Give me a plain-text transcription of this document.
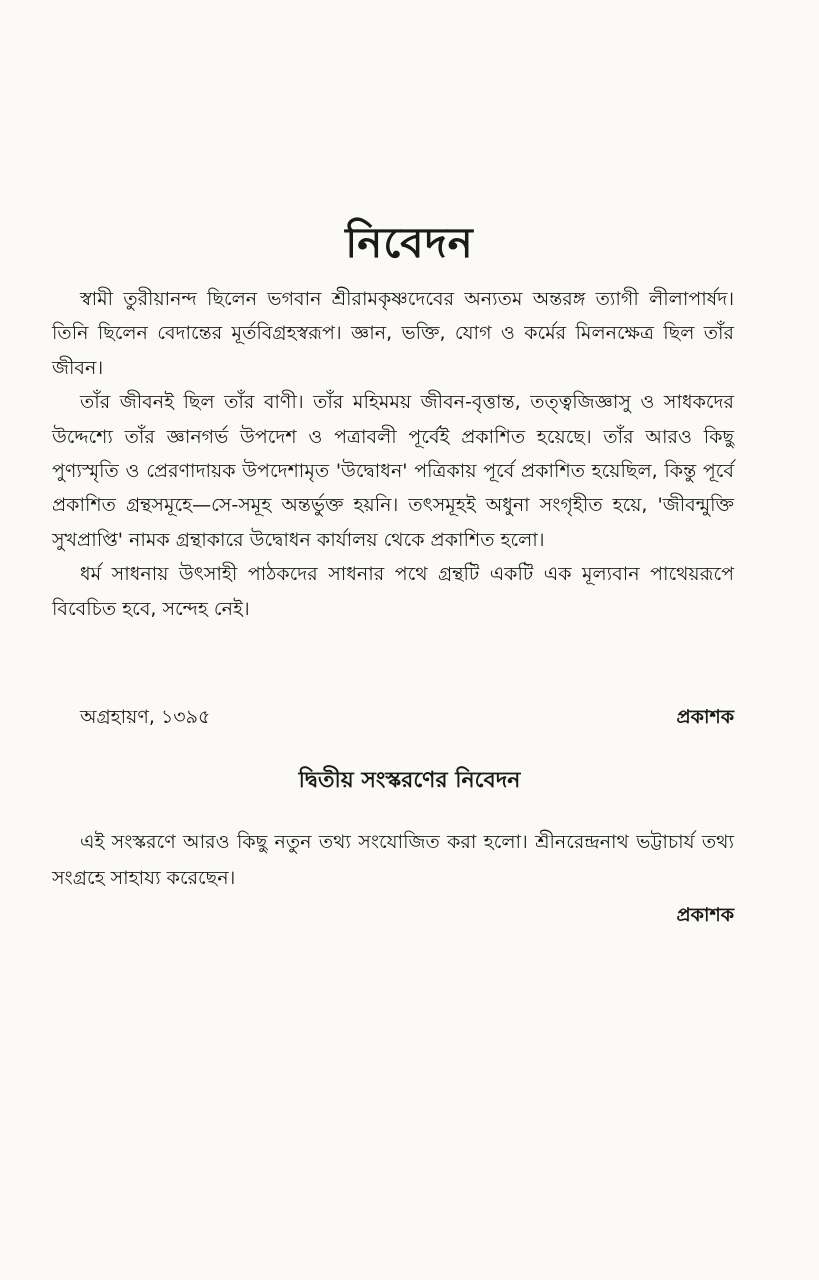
নিবেদন

স্বামী তুরীয়ানন্দ ছিলেন ভগবান শ্রীরামকৃষ্ণদেবের অন্যতম অন্তরঙ্গ ত্যাগী লীলাপার্ষদ। তিনি ছিলেন বেদান্তের মূর্তবিগ্রহস্বরূপ। জ্ঞান, ভক্তি, যোগ ও কর্মের মিলনক্ষেত্র ছিল তাঁর জীবন।

তাঁর জীবনই ছিল তাঁর বাণী। তাঁর মহিমময় জীবন-বৃত্তান্ত, তত্ত্বজিজ্ঞাসু ও সাধকদের উদ্দেশ্যে তাঁর জ্ঞানগর্ভ উপদেশ ও পত্রাবলী পূর্বেই প্রকাশিত হয়েছে। তাঁর আরও কিছু পুণ্যস্মৃতি ও প্রেরণাদায়ক উপদেশামৃত 'উদ্বোধন' পত্রিকায় পূর্বে প্রকাশিত হয়েছিল, কিন্তু পূর্বে প্রকাশিত গ্রন্থসমূহে—সে-সমূহ অন্তর্ভুক্ত হয়নি। তৎসমূহই অধুনা সংগৃহীত হয়ে, 'জীবন্মুক্তি সুখপ্রাপ্তি' নামক গ্রন্থাকারে উদ্বোধন কার্যালয় থেকে প্রকাশিত হলো।

ধর্ম সাধনায় উৎসাহী পাঠকদের সাধনার পথে গ্রন্থটি একটি এক মূল্যবান পাথেয়রূপে বিবেচিত হবে, সন্দেহ নেই।

অগ্রহায়ণ, ১৩৯৫	প্রকাশক
দ্বিতীয় সংস্করণের নিবেদন

এই সংস্করণে আরও কিছু নতুন তথ্য সংযোজিত করা হলো। শ্রীনরেন্দ্রনাথ ভট্টাচার্য তথ্য সংগ্রহে সাহায্য করেছেন।

প্রকাশক
